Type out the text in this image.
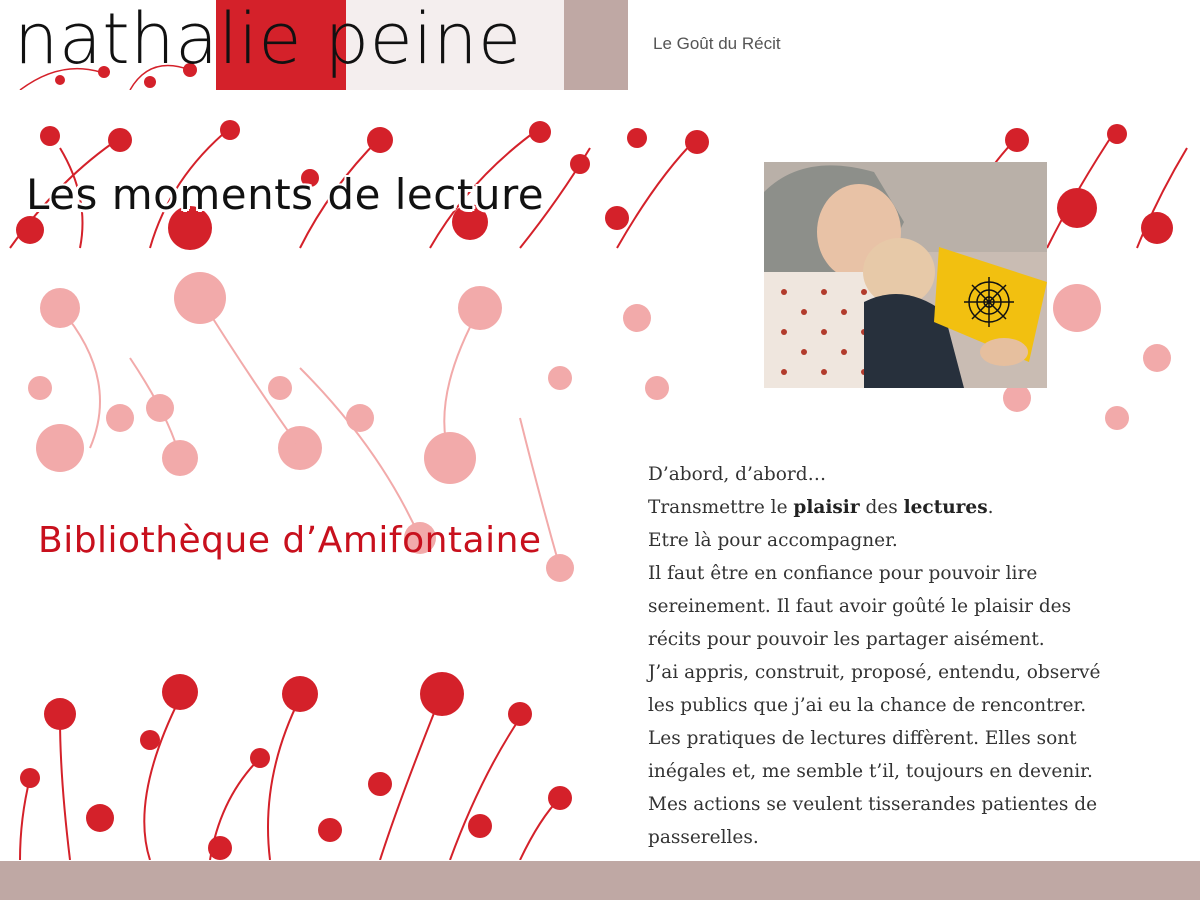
nathalie peine	Le Goût du Récit
Les moments de lecture
Bibliothèque d’Amifontaine

D’abord, d’abord…

Transmettre le plaisir des lectures.

Etre là pour accompagner.

Il faut être en confiance pour pouvoir lire

sereinement. Il faut avoir goûté le plaisir des

récits pour pouvoir les partager aisément.

J’ai appris, construit, proposé, entendu, observé

les publics que j’ai eu la chance de rencontrer.

Les pratiques de lectures diffèrent. Elles sont

inégales et, me semble t’il, toujours en devenir.

Mes actions se veulent tisserandes patientes de

passerelles.
